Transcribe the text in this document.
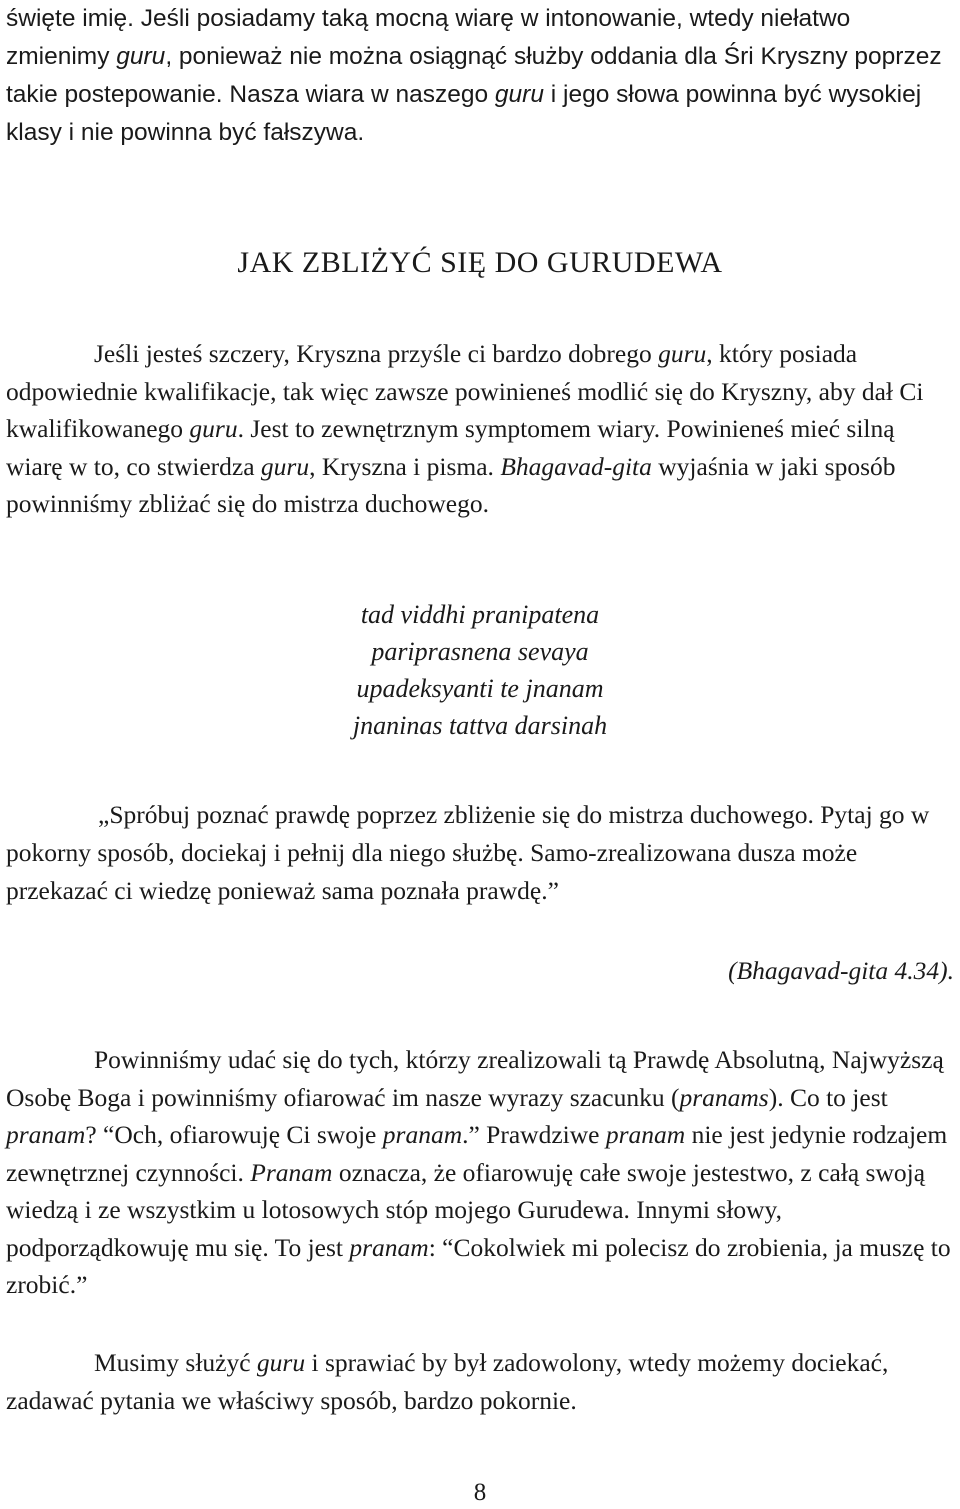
święte imię. Jeśli posiadamy taką mocną wiarę w intonowanie, wtedy niełatwo zmienimy guru, ponieważ nie można osiągnąć służby oddania dla Śri Kryszny poprzez takie postepowanie. Nasza wiara w naszego guru i jego słowa powinna być wysokiej klasy i nie powinna być fałszywa.

JAK ZBLIŻYĆ SIĘ DO GURUDEWA

Jeśli jesteś szczery, Kryszna przyśle ci bardzo dobrego guru, który posiada odpowiednie kwalifikacje, tak więc zawsze powinieneś modlić się do Kryszny, aby dał Ci kwalifikowanego guru. Jest to zewnętrznym symptomem wiary. Powinieneś mieć silną wiarę w to, co stwierdza guru, Kryszna i pisma. Bhagavad-gita wyjaśnia w jaki sposób powinniśmy zbliżać się do mistrza duchowego.

tad viddhi pranipatena
pariprasnena sevaya
upadeksyanti te jnanam
jnaninas tattva darsinah

„Spróbuj poznać prawdę poprzez zbliżenie się do mistrza duchowego. Pytaj go w pokorny sposób, dociekaj i pełnij dla niego służbę. Samo-zrealizowana dusza może przekazać ci wiedzę ponieważ sama poznała prawdę.”

(Bhagavad-gita 4.34).

Powinniśmy udać się do tych, którzy zrealizowali tą Prawdę Absolutną, Najwyższą Osobę Boga i powinniśmy ofiarować im nasze wyrazy szacunku (pranams). Co to jest pranam? “Och, ofiarowuję Ci swoje pranam.” Prawdziwe pranam nie jest jedynie rodzajem zewnętrznej czynności. Pranam oznacza, że ofiarowuję całe swoje jestestwo, z całą swoją wiedzą i ze wszystkim u lotosowych stóp mojego Gurudewa. Innymi słowy, podporządkowuję mu się. To jest pranam: “Cokolwiek mi polecisz do zrobienia, ja muszę to zrobić.”

Musimy służyć guru i sprawiać by był zadowolony, wtedy możemy dociekać, zadawać pytania we właściwy sposób, bardzo pokornie.

8
